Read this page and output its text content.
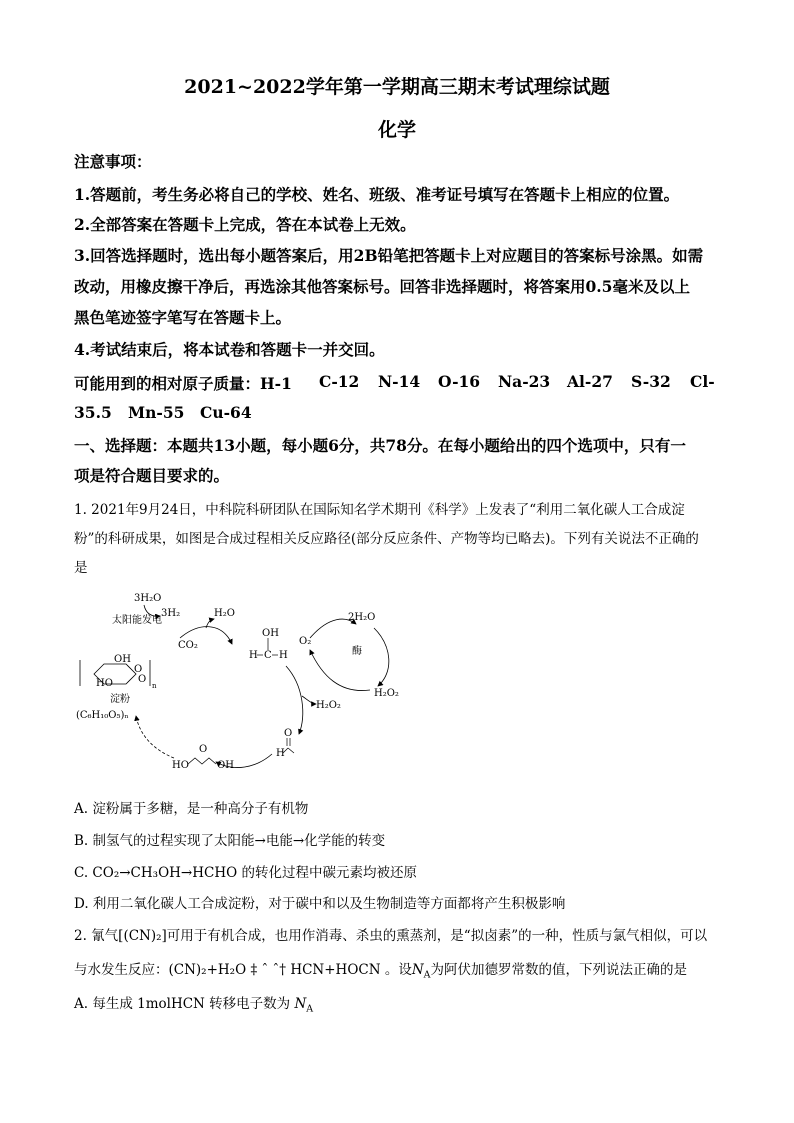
2021~2022学年第一学期高三期末考试理综试题
化学
注意事项：
1.答题前，考生务必将自己的学校、姓名、班级、准考证号填写在答题卡上相应的位置。
2.全部答案在答题卡上完成，答在本试卷上无效。
3.回答选择题时，选出每小题答案后，用2B铅笔把答题卡上对应题目的答案标号涂黑。如需
改动，用橡皮擦干净后，再选涂其他答案标号。回答非选择题时，将答案用0.5毫米及以上
黑色笔迹签字笔写在答题卡上。
4.考试结束后，将本试卷和答题卡一并交回。
可能用到的相对原子质量：H-1 C-12 N-14 O-16 Na-23 Al-27 S-32 Cl-
35.5 Mn-55 Cu-64
一、选择题：本题共13小题，每小题6分，共78分。在每小题给出的四个选项中，只有一
项是符合题目要求的。
1. 2021年9月24日，中科院科研团队在国际知名学术期刊《科学》上发表了“利用二氧化碳人工合成淀
粉”的科研成果，如图是合成过程相关反应路径(部分反应条件、产物等均已略去)。下列有关说法不正确的
是
3H₂O
太阳能发电
3H₂	H₂O
CO₂
OH
H C H
O₂
2H₂O
酶
H₂O₂
H₂O₂
O
H
HO
O
OH
OH
HO
O
O
n
淀粉
(C₆H₁₀O₅)ₙ
A. 淀粉属于多糖，是一种高分子有机物
B. 制氢气的过程实现了太阳能→电能→化学能的转变
C. CO₂→CH₃OH→HCHO 的转化过程中碳元素均被还原
D. 利用二氧化碳人工合成淀粉，对于碳中和以及生物制造等方面都将产生积极影响
2. 氰气[(CN)₂]可用于有机合成，也用作消毒、杀虫的熏蒸剂，是“拟卤素”的一种，性质与氯气相似，可以
与水发生反应：(CN)₂+H₂O ‡ ˆ ˆ† HCN+HOCN 。设$N_A$为阿伏加德罗常数的值，下列说法正确的是
A. 每生成 1molHCN 转移电子数为 $N_A$
